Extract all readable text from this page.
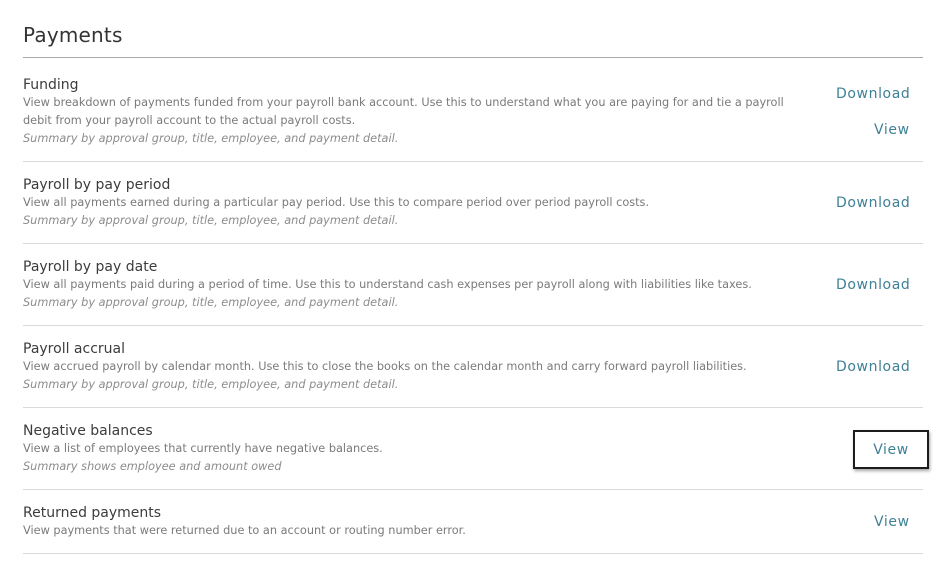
Payments
Funding
View breakdown of payments funded from your payroll bank account. Use this to understand what you are paying for and tie a payroll debit from your payroll account to the actual payroll costs.
Summary by approval group, title, employee, and payment detail.
Download
View
Payroll by pay period
View all payments earned during a particular pay period. Use this to compare period over period payroll costs.
Summary by approval group, title, employee, and payment detail.
Download
Payroll by pay date
View all payments paid during a period of time. Use this to understand cash expenses per payroll along with liabilities like taxes.
Summary by approval group, title, employee, and payment detail.
Download
Payroll accrual
View accrued payroll by calendar month. Use this to close the books on the calendar month and carry forward payroll liabilities.
Summary by approval group, title, employee, and payment detail.
Download
Negative balances
View a list of employees that currently have negative balances.
Summary shows employee and amount owed
View
Returned payments
View payments that were returned due to an account or routing number error.
View
